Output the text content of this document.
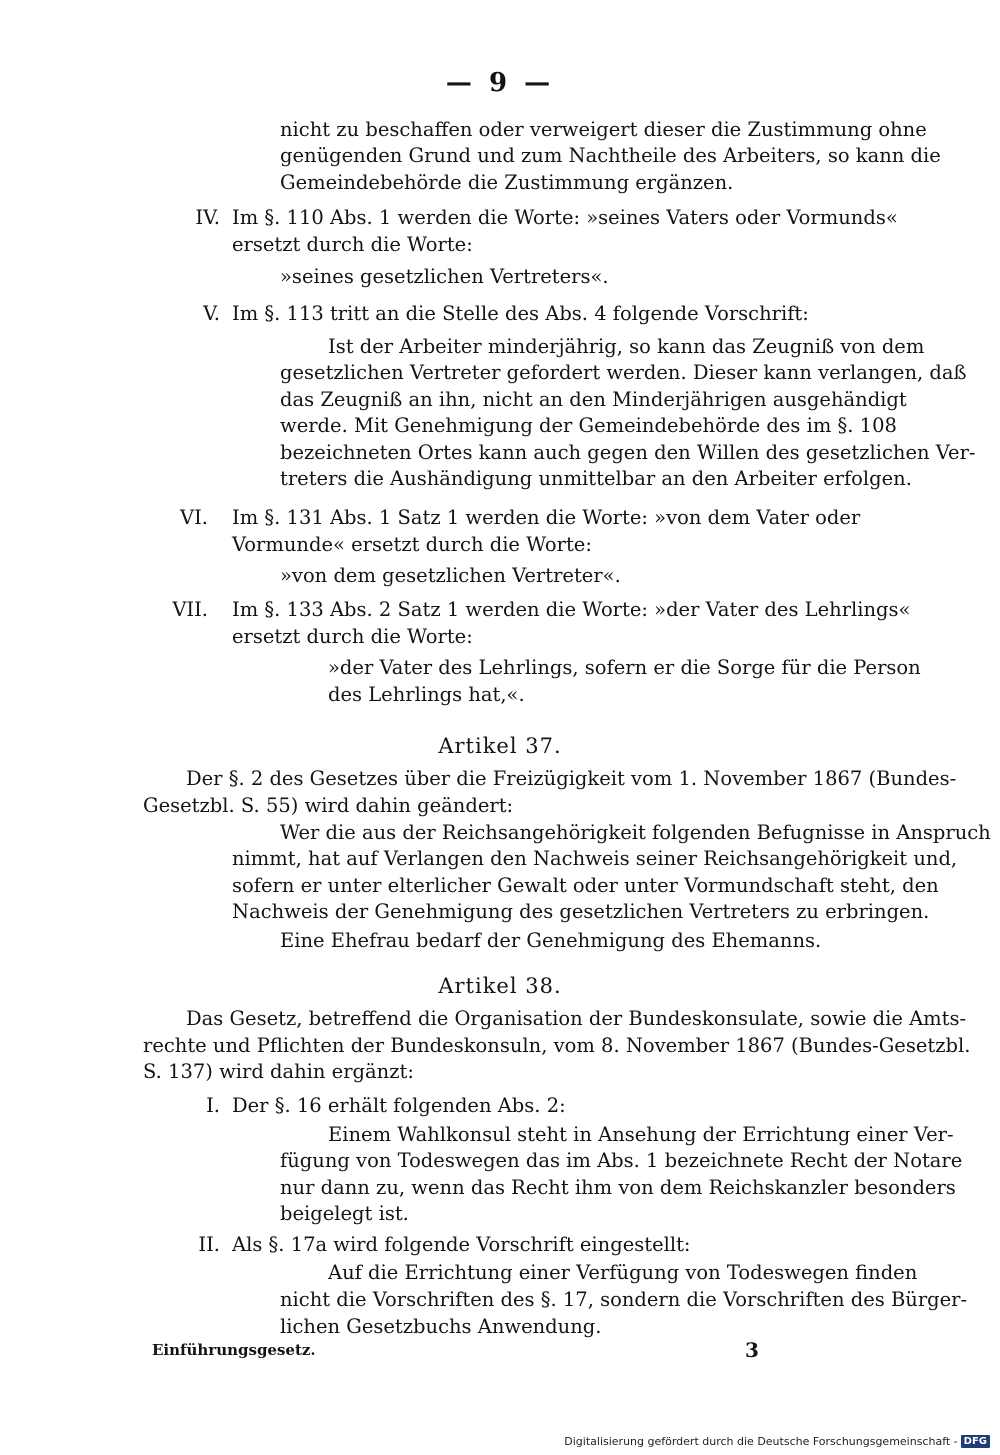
— 9 —
nicht zu beschaffen oder verweigert dieser die Zustimmung ohne
genügenden Grund und zum Nachtheile des Arbeiters, so kann die
Gemeindebehörde die Zustimmung ergänzen.
IV. Im §. 110 Abs. 1 werden die Worte: »seines Vaters oder Vormunds«
ersetzt durch die Worte:
»seines gesetzlichen Vertreters«.
V. Im §. 113 tritt an die Stelle des Abs. 4 folgende Vorschrift:
Ist der Arbeiter minderjährig, so kann das Zeugniß von dem
gesetzlichen Vertreter gefordert werden. Dieser kann verlangen, daß
das Zeugniß an ihn, nicht an den Minderjährigen ausgehändigt
werde. Mit Genehmigung der Gemeindebehörde des im §. 108
bezeichneten Ortes kann auch gegen den Willen des gesetzlichen Ver-
treters die Aushändigung unmittelbar an den Arbeiter erfolgen.
VI. Im §. 131 Abs. 1 Satz 1 werden die Worte: »von dem Vater oder
Vormunde« ersetzt durch die Worte:
»von dem gesetzlichen Vertreter«.
VII. Im §. 133 Abs. 2 Satz 1 werden die Worte: »der Vater des Lehrlings«
ersetzt durch die Worte:
»der Vater des Lehrlings, sofern er die Sorge für die Person
des Lehrlings hat,«.
Artikel 37.
Der §. 2 des Gesetzes über die Freizügigkeit vom 1. November 1867 (Bundes-
Gesetzbl. S. 55) wird dahin geändert:
Wer die aus der Reichsangehörigkeit folgenden Befugnisse in Anspruch
nimmt, hat auf Verlangen den Nachweis seiner Reichsangehörigkeit und,
sofern er unter elterlicher Gewalt oder unter Vormundschaft steht, den
Nachweis der Genehmigung des gesetzlichen Vertreters zu erbringen.
Eine Ehefrau bedarf der Genehmigung des Ehemanns.
Artikel 38.
Das Gesetz, betreffend die Organisation der Bundeskonsulate, sowie die Amts-
rechte und Pflichten der Bundeskonsuln, vom 8. November 1867 (Bundes-Gesetzbl.
S. 137) wird dahin ergänzt:
I. Der §. 16 erhält folgenden Abs. 2:
Einem Wahlkonsul steht in Ansehung der Errichtung einer Ver-
fügung von Todeswegen das im Abs. 1 bezeichnete Recht der Notare
nur dann zu, wenn das Recht ihm von dem Reichskanzler besonders
beigelegt ist.
II. Als §. 17a wird folgende Vorschrift eingestellt:
Auf die Errichtung einer Verfügung von Todeswegen finden
nicht die Vorschriften des §. 17, sondern die Vorschriften des Bürger-
lichen Gesetzbuchs Anwendung.
Einführungsgesetz.	3
Digitalisierung gefördert durch die Deutsche Forschungsgemeinschaft - DFG
